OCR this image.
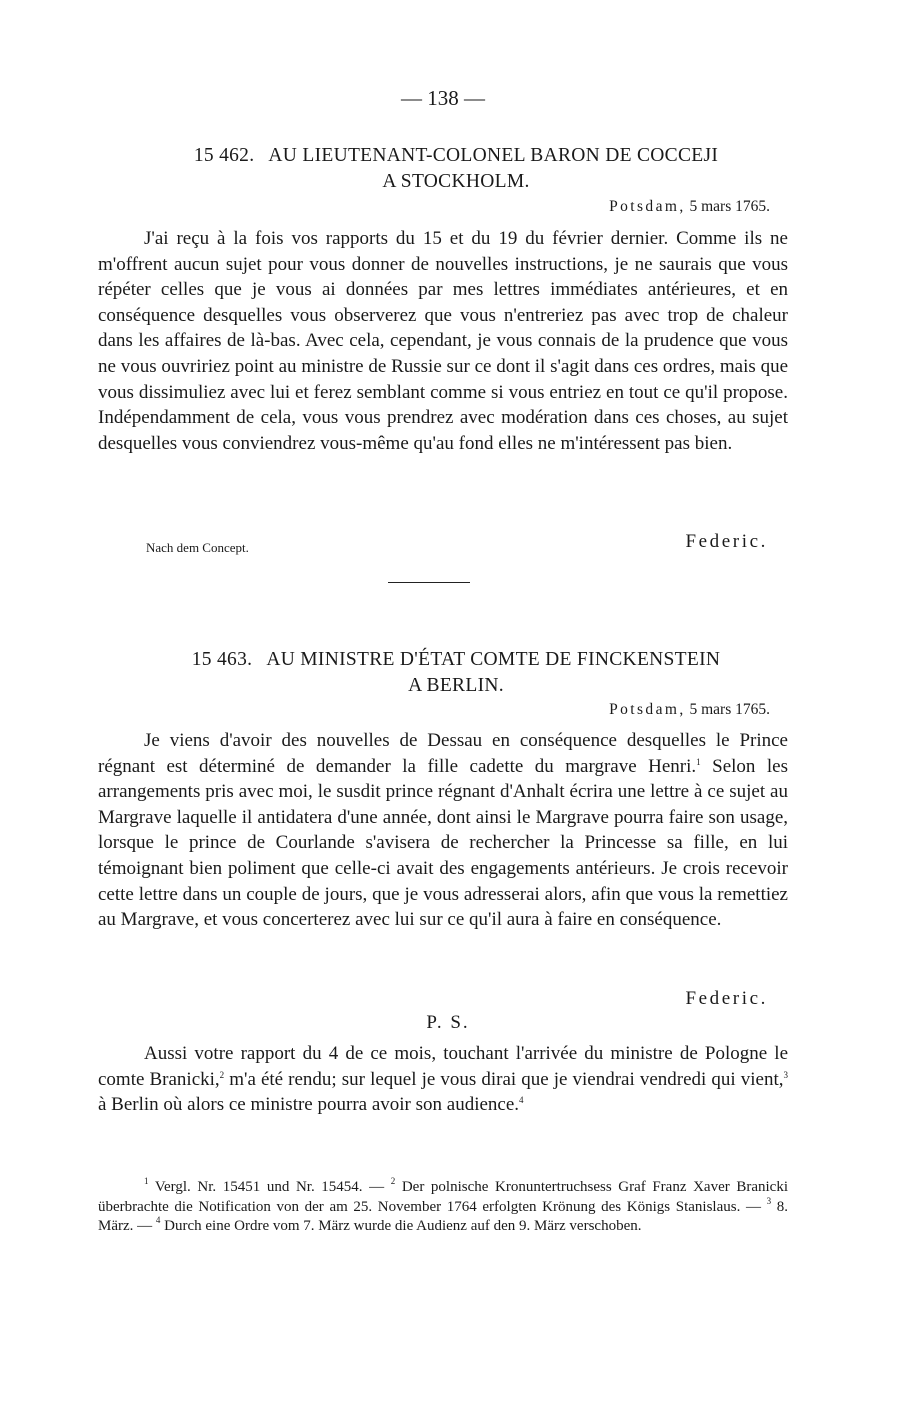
— 138 —
15 462. AU LIEUTENANT-COLONEL BARON DE COCCEJI
A STOCKHOLM.
Potsdam, 5 mars 1765.

J'ai reçu à la fois vos rapports du 15 et du 19 du février dernier. Comme ils ne m'offrent aucun sujet pour vous donner de nouvelles instructions, je ne saurais que vous répéter celles que je vous ai données par mes lettres immédiates antérieures, et en conséquence desquelles vous observerez que vous n'entreriez pas avec trop de chaleur dans les affaires de là-bas. Avec cela, cependant, je vous connais de la prudence que vous ne vous ouvririez point au ministre de Russie sur ce dont il s'agit dans ces ordres, mais que vous dissimuliez avec lui et ferez semblant comme si vous entriez en tout ce qu'il propose. Indépendamment de cela, vous vous prendrez avec modération dans ces choses, au sujet desquelles vous conviendrez vous-même qu'au fond elles ne m'intéressent pas bien.

Nach dem Concept.	Federic.
15 463. AU MINISTRE D'ÉTAT COMTE DE FINCKENSTEIN
A BERLIN.
Potsdam, 5 mars 1765.

Je viens d'avoir des nouvelles de Dessau en conséquence desquelles le Prince régnant est déterminé de demander la fille cadette du margrave Henri.$^1$ Selon les arrangements pris avec moi, le susdit prince régnant d'Anhalt écrira une lettre à ce sujet au Margrave laquelle il antidatera d'une année, dont ainsi le Margrave pourra faire son usage, lorsque le prince de Courlande s'avisera de rechercher la Princesse sa fille, en lui témoignant bien poliment que celle-ci avait des engagements antérieurs. Je crois recevoir cette lettre dans un couple de jours, que je vous adresserai alors, afin que vous la remettiez au Margrave, et vous concerterez avec lui sur ce qu'il aura à faire en conséquence.

Federic.
P. S.

Aussi votre rapport du 4 de ce mois, touchant l'arrivée du ministre de Pologne le comte Branicki,$^2$ m'a été rendu; sur lequel je vous dirai que je viendrai vendredi qui vient,$^3$ à Berlin où alors ce ministre pourra avoir son audience.$^4$

$^1$ Vergl. Nr. 15451 und Nr. 15454. — $^2$ Der polnische Kronuntertruchsess Graf Franz Xaver Branicki überbrachte die Notification von der am 25. November 1764 erfolgten Krönung des Königs Stanislaus. — $^3$ 8. März. — $^4$ Durch eine Ordre vom 7. März wurde die Audienz auf den 9. März verschoben.
